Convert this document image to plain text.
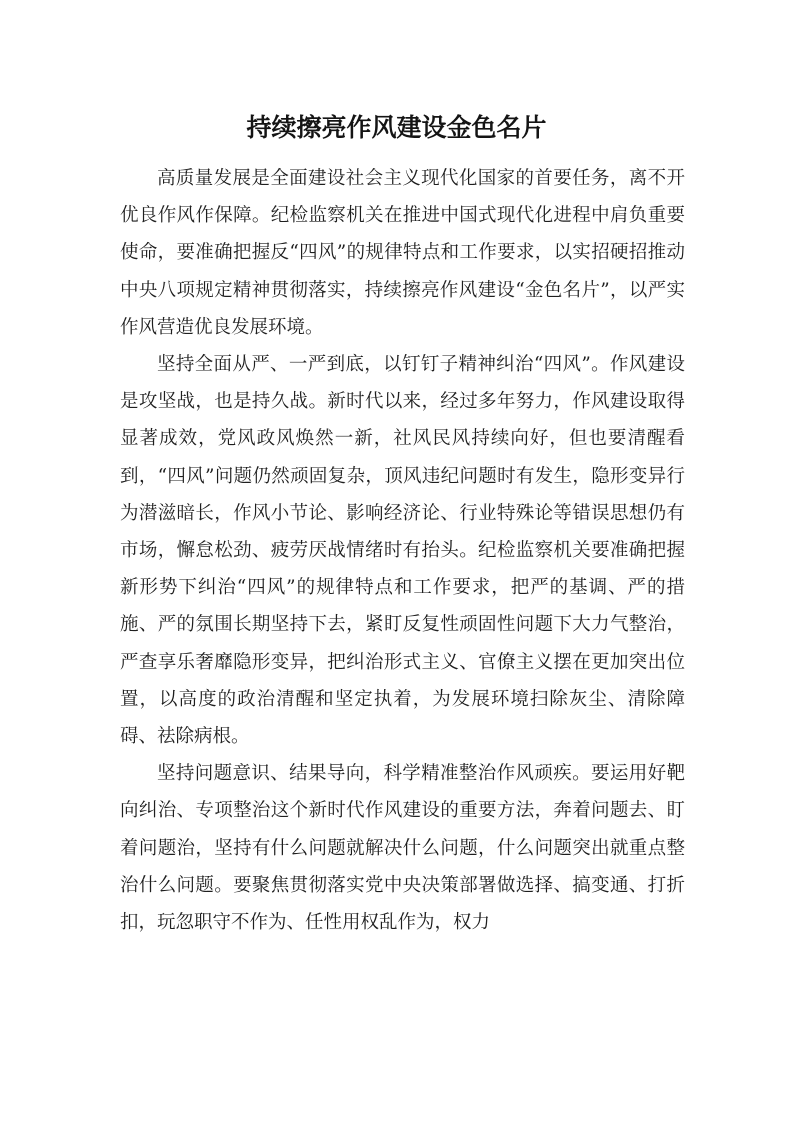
持续擦亮作风建设金色名片

高质量发展是全面建设社会主义现代化国家的首要任务，离不开优良作风作保障。纪检监察机关在推进中国式现代化进程中肩负重要使命，要准确把握反“四风”的规律特点和工作要求，以实招硬招推动中央八项规定精神贯彻落实，持续擦亮作风建设“金色名片”，以严实作风营造优良发展环境。

坚持全面从严、一严到底，以钉钉子精神纠治“四风”。作风建设是攻坚战，也是持久战。新时代以来，经过多年努力，作风建设取得显著成效，党风政风焕然一新，社风民风持续向好，但也要清醒看到，“四风”问题仍然顽固复杂，顶风违纪问题时有发生，隐形变异行为潜滋暗长，作风小节论、影响经济论、行业特殊论等错误思想仍有市场，懈怠松劲、疲劳厌战情绪时有抬头。纪检监察机关要准确把握新形势下纠治“四风”的规律特点和工作要求，把严的基调、严的措施、严的氛围长期坚持下去，紧盯反复性顽固性问题下大力气整治，严查享乐奢靡隐形变异，把纠治形式主义、官僚主义摆在更加突出位置，以高度的政治清醒和坚定执着，为发展环境扫除灰尘、清除障碍、祛除病根。

坚持问题意识、结果导向，科学精准整治作风顽疾。要运用好靶向纠治、专项整治这个新时代作风建设的重要方法，奔着问题去、盯着问题治，坚持有什么问题就解决什么问题，什么问题突出就重点整治什么问题。要聚焦贯彻落实党中央决策部署做选择、搞变通、打折扣，玩忽职守不作为、任性用权乱作为，权力
